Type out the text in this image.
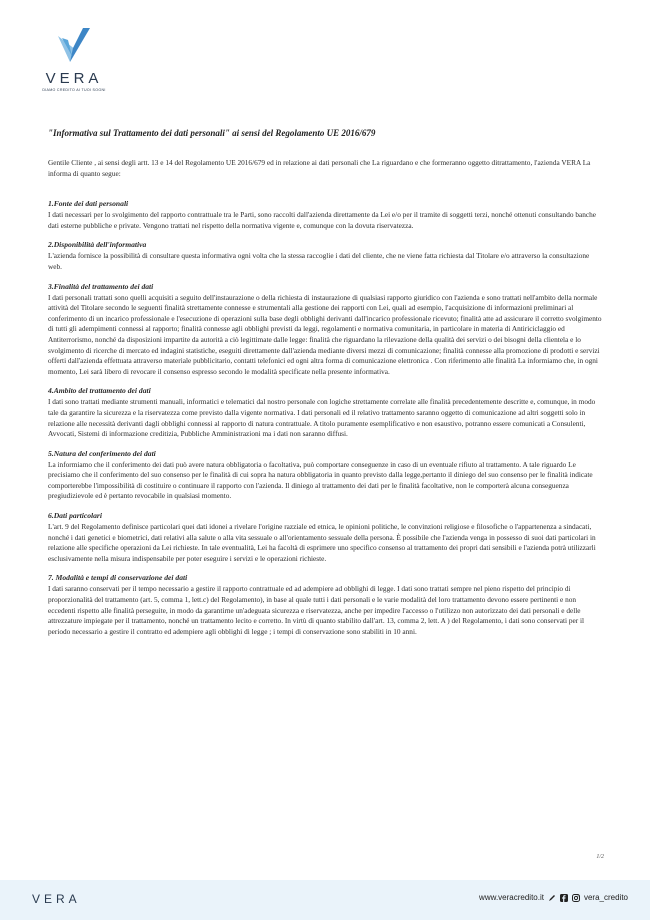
VERA
DIAMO CREDITO AI TUOI SOGNI

"Informativa sul Trattamento dei dati personali" ai sensi del Regolamento UE 2016/679

Gentile Cliente , ai sensi degli artt. 13 e 14 del Regolamento UE 2016/679 ed in relazione ai dati personali che La riguardano e che formeranno oggetto ditrattamento, l'azienda VERA La informa di quanto segue:

1.Fonte dei dati personali

I dati necessari per lo svolgimento del rapporto contrattuale tra le Parti, sono raccolti dall'azienda direttamente da Lei e/o per il tramite di soggetti terzi, nonché ottenuti consultando banche dati esterne pubbliche e private. Vengono trattati nel rispetto della normativa vigente e, comunque con la dovuta riservatezza.

2.Disponibilità dell'informativa

L'azienda fornisce la possibilità di consultare questa informativa ogni volta che la stessa raccoglie i dati del cliente, che ne viene fatta richiesta dal Titolare e/o attraverso la consultazione web.

3.Finalità del trattamento dei dati

I dati personali trattati sono quelli acquisiti a seguito dell'instaurazione o della richiesta di instaurazione di qualsiasi rapporto giuridico con l'azienda e sono trattati nell'ambito della normale attività del Titolare secondo le seguenti finalità strettamente connesse e strumentali alla gestione dei rapporti con Lei, quali ad esempio, l'acquisizione di informazioni preliminari al conferimento di un incarico professionale e l'esecuzione di operazioni sulla base degli obblighi derivanti dall'incarico professionale ricevuto; finalità atte ad assicurare il corretto svolgimento di tutti gli adempimenti connessi al rapporto; finalità connesse agli obblighi previsti da leggi, regolamenti e normativa comunitaria, in particolare in materia di Antiriciclaggio ed Antiterrorismo, nonché da disposizioni impartite da autorità a ciò legittimate dalle legge: finalità che riguardano la rilevazione della qualità dei servizi o dei bisogni della clientela e lo svolgimento di ricerche di mercato ed indagini statistiche, eseguiti direttamente dall'azienda mediante diversi mezzi di comunicazione; finalità connesse alla promozione di prodotti e servizi offerti dall'azienda effettuata attraverso materiale pubblicitario, contatti telefonici ed ogni altra forma di comunicazione elettronica . Con riferimento alle finalità La informiamo che, in ogni momento, Lei sarà libero di revocare il consenso espresso secondo le modalità specificate nella presente informativa.

4.Ambito del trattamento dei dati

I dati sono trattati mediante strumenti manuali, informatici e telematici dal nostro personale con logiche strettamente correlate alle finalità precedentemente descritte e, comunque, in modo tale da garantire la sicurezza e la riservatezza come previsto dalla vigente normativa. I dati personali ed il relativo trattamento saranno oggetto di comunicazione ad altri soggetti solo in relazione alle necessità derivanti dagli obblighi connessi al rapporto di natura contrattuale. A titolo puramente esemplificativo e non esaustivo, potranno essere comunicati a Consulenti, Avvocati, Sistemi di informazione creditizia, Pubbliche Amministrazioni ma i dati non saranno diffusi.

5.Natura del conferimento dei dati

La informiamo che il conferimento dei dati può avere natura obbligatoria o facoltativa, può comportare conseguenze in caso di un eventuale rifiuto al trattamento. A tale riguardo Le precisiamo che il conferimento del suo consenso per le finalità di cui sopra ha natura obbligatoria in quanto previsto dalla legge,pertanto il diniego del suo consenso per le finalità indicate comporterebbe l'impossibilità di costituire o continuare il rapporto con l'azienda. Il diniego al trattamento dei dati per le finalità facoltative, non le comporterà alcuna conseguenza pregiudizievole ed è pertanto revocabile in qualsiasi momento.

6.Dati particolari

L'art. 9 del Regolamento definisce particolari quei dati idonei a rivelare l'origine razziale ed etnica, le opinioni politiche, le convinzioni religiose e filosofiche o l'appartenenza a sindacati, nonché i dati genetici e biometrici, dati relativi alla salute o alla vita sessuale o all'orientamento sessuale della persona. È possibile che l'azienda venga in possesso di suoi dati particolari in relazione alle specifiche operazioni da Lei richieste. In tale eventualità, Lei ha facoltà di esprimere uno specifico consenso al trattamento dei propri dati sensibili e l'azienda potrà utilizzarli esclusivamente nella misura indispensabile per poter eseguire i servizi e le operazioni richieste.

7. Modalità e tempi di conservazione dei dati

I dati saranno conservati per il tempo necessario a gestire il rapporto contrattuale ed ad adempiere ad obblighi di legge. I dati sono trattati sempre nel pieno rispetto del principio di proporzionalità del trattamento (art. 5, comma 1, lett.c) del Regolamento), in base al quale tutti i dati personali e le varie modalità del loro trattamento devono essere pertinenti e non eccedenti rispetto alle finalità perseguite, in modo da garantirne un'adeguata sicurezza e riservatezza, anche per impedire l'accesso o l'utilizzo non autorizzato dei dati personali e delle attrezzature impiegate per il trattamento, nonché un trattamento lecito e corretto. In virtù di quanto stabilito dall'art. 13, comma 2, lett. A ) del Regolamento, i dati sono conservati per il periodo necessario a gestire il contratto ed adempiere agli obblighi di legge ; i tempi di conservazione sono stabiliti in 10 anni.

1/2
VERA	www.veracredito.it	vera_credito
